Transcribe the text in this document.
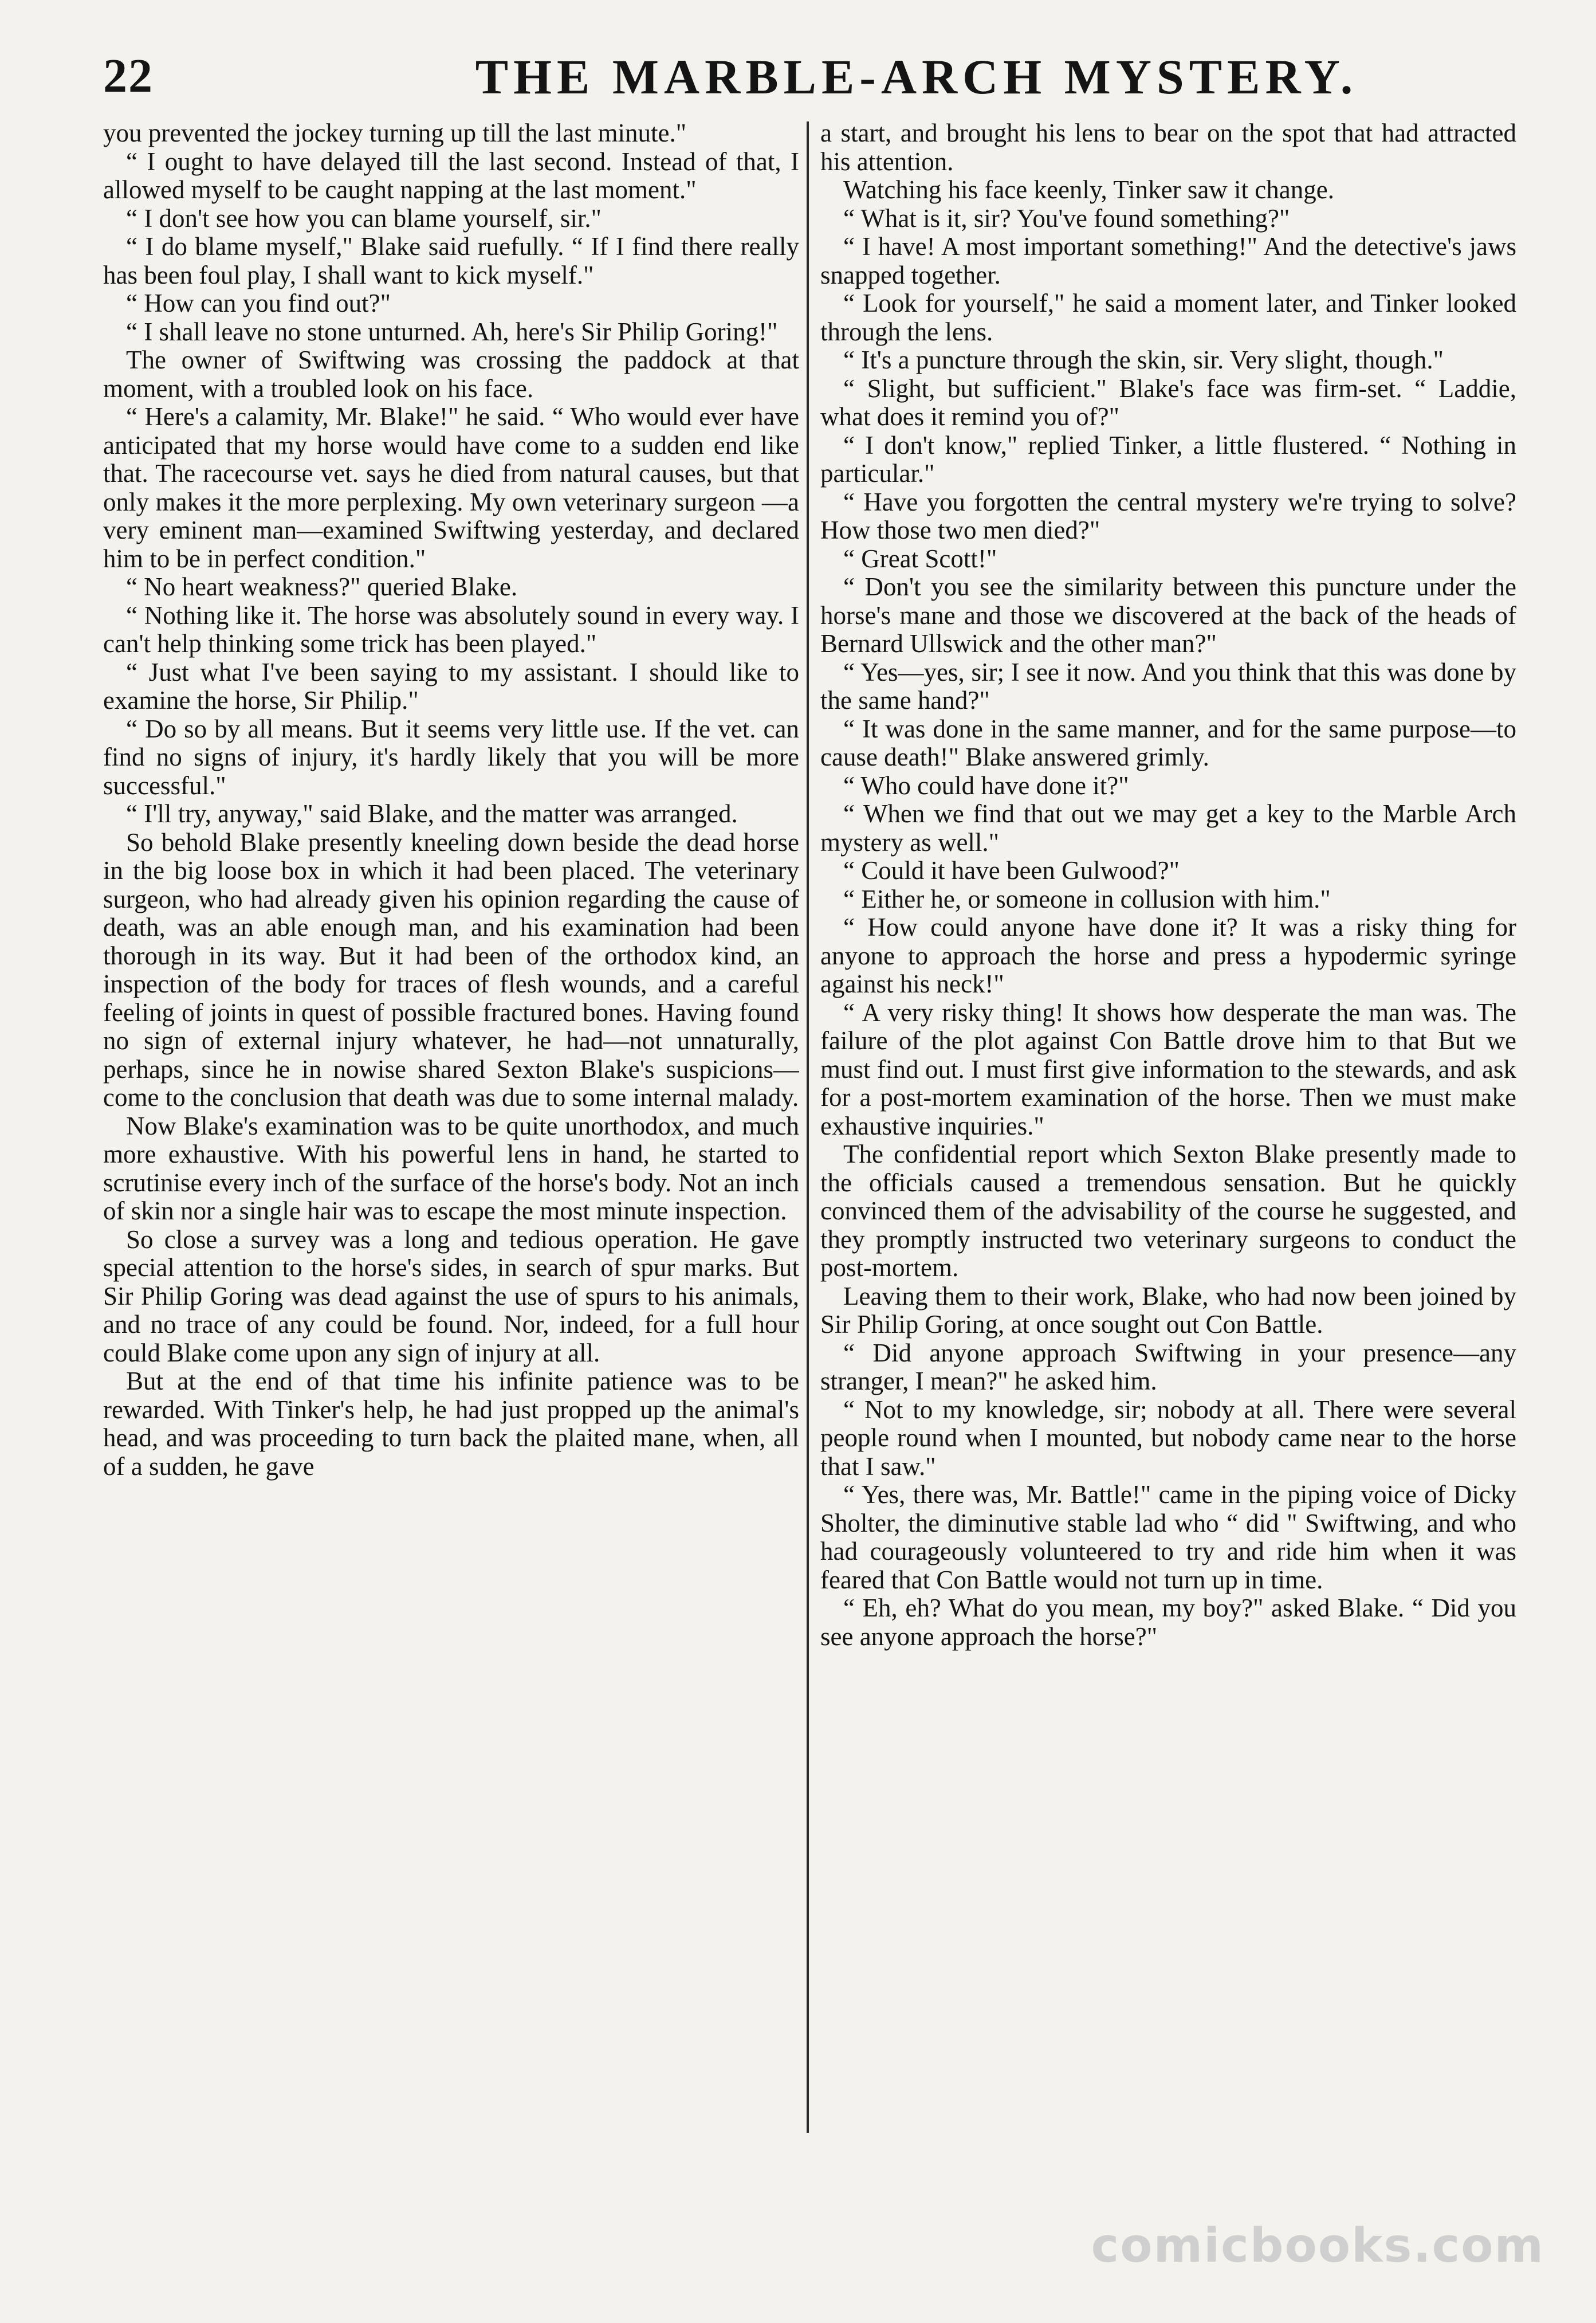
22	THE MARBLE-ARCH MYSTERY.

you prevented the jockey turning up till the last minute."

“ I ought to have delayed till the last second. Instead of that, I allowed myself to be caught napping at the last moment."

“ I don't see how you can blame yourself, sir."

“ I do blame myself," Blake said ruefully. “ If I find there really has been foul play, I shall want to kick myself."

“ How can you find out?"

“ I shall leave no stone unturned. Ah, here's Sir Philip Goring!"

The owner of Swiftwing was crossing the paddock at that moment, with a troubled look on his face.

“ Here's a calamity, Mr. Blake!" he said. “ Who would ever have anticipated that my horse would have come to a sudden end like that. The racecourse vet. says he died from natural causes, but that only makes it the more perplexing. My own veterinary surgeon —a very eminent man—examined Swiftwing yesterday, and declared him to be in perfect condition."

“ No heart weakness?" queried Blake.

“ Nothing like it. The horse was absolutely sound in every way. I can't help thinking some trick has been played."

“ Just what I've been saying to my assistant. I should like to examine the horse, Sir Philip."

“ Do so by all means. But it seems very little use. If the vet. can find no signs of injury, it's hardly likely that you will be more successful."

“ I'll try, anyway," said Blake, and the matter was arranged.

So behold Blake presently kneeling down beside the dead horse in the big loose box in which it had been placed. The veterinary surgeon, who had already given his opinion regarding the cause of death, was an able enough man, and his examination had been thorough in its way. But it had been of the orthodox kind, an inspection of the body for traces of flesh wounds, and a careful feeling of joints in quest of possible fractured bones. Having found no sign of external injury whatever, he had—not unnaturally, perhaps, since he in nowise shared Sexton Blake's suspicions—come to the conclusion that death was due to some internal malady.

Now Blake's examination was to be quite unorthodox, and much more exhaustive. With his powerful lens in hand, he started to scrutinise every inch of the surface of the horse's body. Not an inch of skin nor a single hair was to escape the most minute inspection.

So close a survey was a long and tedious operation. He gave special attention to the horse's sides, in search of spur marks. But Sir Philip Goring was dead against the use of spurs to his animals, and no trace of any could be found. Nor, indeed, for a full hour could Blake come upon any sign of injury at all.

But at the end of that time his infinite patience was to be rewarded. With Tinker's help, he had just propped up the animal's head, and was proceeding to turn back the plaited mane, when, all of a sudden, he gave

a start, and brought his lens to bear on the spot that had attracted his attention.

Watching his face keenly, Tinker saw it change.

“ What is it, sir? You've found something?"

“ I have! A most important something!" And the detective's jaws snapped together.

“ Look for yourself," he said a moment later, and Tinker looked through the lens.

“ It's a puncture through the skin, sir. Very slight, though."

“ Slight, but sufficient." Blake's face was firm-set. “ Laddie, what does it remind you of?"

“ I don't know," replied Tinker, a little flustered. “ Nothing in particular."

“ Have you forgotten the central mystery we're trying to solve? How those two men died?"

“ Great Scott!"

“ Don't you see the similarity between this puncture under the horse's mane and those we discovered at the back of the heads of Bernard Ullswick and the other man?"

“ Yes—yes, sir; I see it now. And you think that this was done by the same hand?"

“ It was done in the same manner, and for the same purpose—to cause death!" Blake answered grimly.

“ Who could have done it?"

“ When we find that out we may get a key to the Marble Arch mystery as well."

“ Could it have been Gulwood?"

“ Either he, or someone in collusion with him."

“ How could anyone have done it? It was a risky thing for anyone to approach the horse and press a hypodermic syringe against his neck!"

“ A very risky thing! It shows how desperate the man was. The failure of the plot against Con Battle drove him to that But we must find out. I must first give information to the stewards, and ask for a post-mortem examination of the horse. Then we must make exhaustive inquiries."

The confidential report which Sexton Blake presently made to the officials caused a tremendous sensation. But he quickly convinced them of the advisability of the course he suggested, and they promptly instructed two veterinary surgeons to conduct the post-mortem.

Leaving them to their work, Blake, who had now been joined by Sir Philip Goring, at once sought out Con Battle.

“ Did anyone approach Swiftwing in your presence—any stranger, I mean?" he asked him.

“ Not to my knowledge, sir; nobody at all. There were several people round when I mounted, but nobody came near to the horse that I saw."

“ Yes, there was, Mr. Battle!" came in the piping voice of Dicky Sholter, the diminutive stable lad who “ did " Swiftwing, and who had courageously volunteered to try and ride him when it was feared that Con Battle would not turn up in time.

“ Eh, eh? What do you mean, my boy?" asked Blake. “ Did you see anyone approach the horse?"

comicbooks.com
